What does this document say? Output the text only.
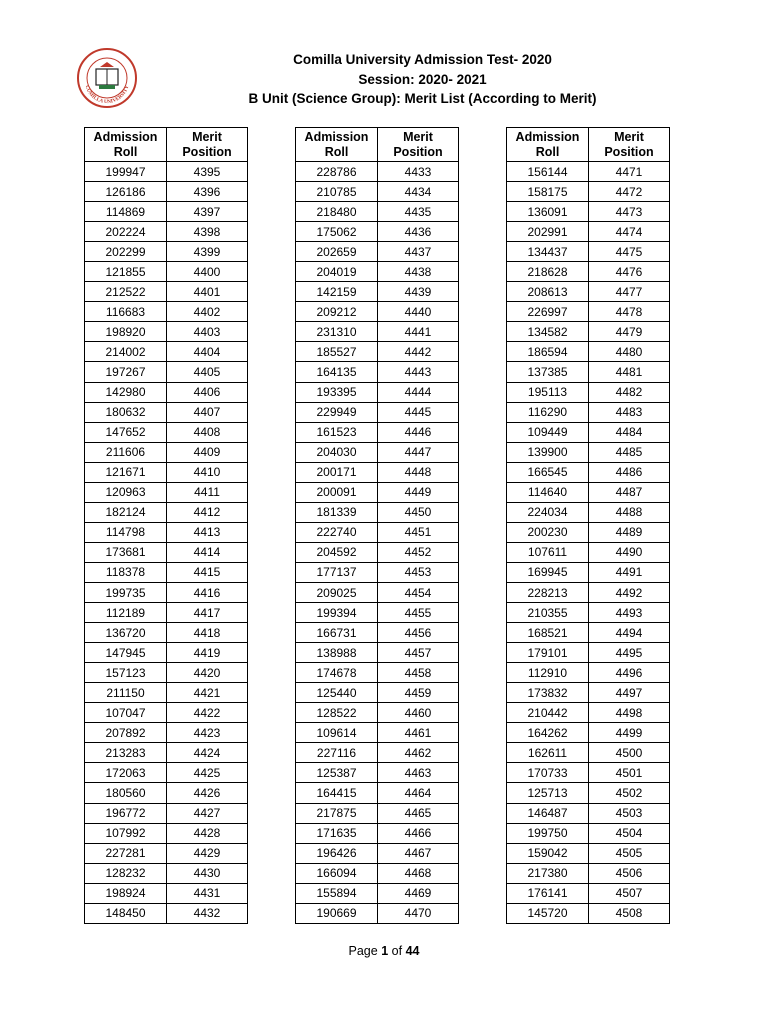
CUMILLA UNIVERSITY
Comilla University Admission Test- 2020
Session: 2020- 2021
B Unit (Science Group): Merit List (According to Merit)
Admission
Roll	Merit
Position
199947	4395
126186	4396
114869	4397
202224	4398
202299	4399
121855	4400
212522	4401
116683	4402
198920	4403
214002	4404
197267	4405
142980	4406
180632	4407
147652	4408
211606	4409
121671	4410
120963	4411
182124	4412
114798	4413
173681	4414
118378	4415
199735	4416
112189	4417
136720	4418
147945	4419
157123	4420
211150	4421
107047	4422
207892	4423
213283	4424
172063	4425
180560	4426
196772	4427
107992	4428
227281	4429
128232	4430
198924	4431
148450	4432
Admission
Roll	Merit
Position
228786	4433
210785	4434
218480	4435
175062	4436
202659	4437
204019	4438
142159	4439
209212	4440
231310	4441
185527	4442
164135	4443
193395	4444
229949	4445
161523	4446
204030	4447
200171	4448
200091	4449
181339	4450
222740	4451
204592	4452
177137	4453
209025	4454
199394	4455
166731	4456
138988	4457
174678	4458
125440	4459
128522	4460
109614	4461
227116	4462
125387	4463
164415	4464
217875	4465
171635	4466
196426	4467
166094	4468
155894	4469
190669	4470
Admission
Roll	Merit
Position
156144	4471
158175	4472
136091	4473
202991	4474
134437	4475
218628	4476
208613	4477
226997	4478
134582	4479
186594	4480
137385	4481
195113	4482
116290	4483
109449	4484
139900	4485
166545	4486
114640	4487
224034	4488
200230	4489
107611	4490
169945	4491
228213	4492
210355	4493
168521	4494
179101	4495
112910	4496
173832	4497
210442	4498
164262	4499
162611	4500
170733	4501
125713	4502
146487	4503
199750	4504
159042	4505
217380	4506
176141	4507
145720	4508
Page 1 of 44
